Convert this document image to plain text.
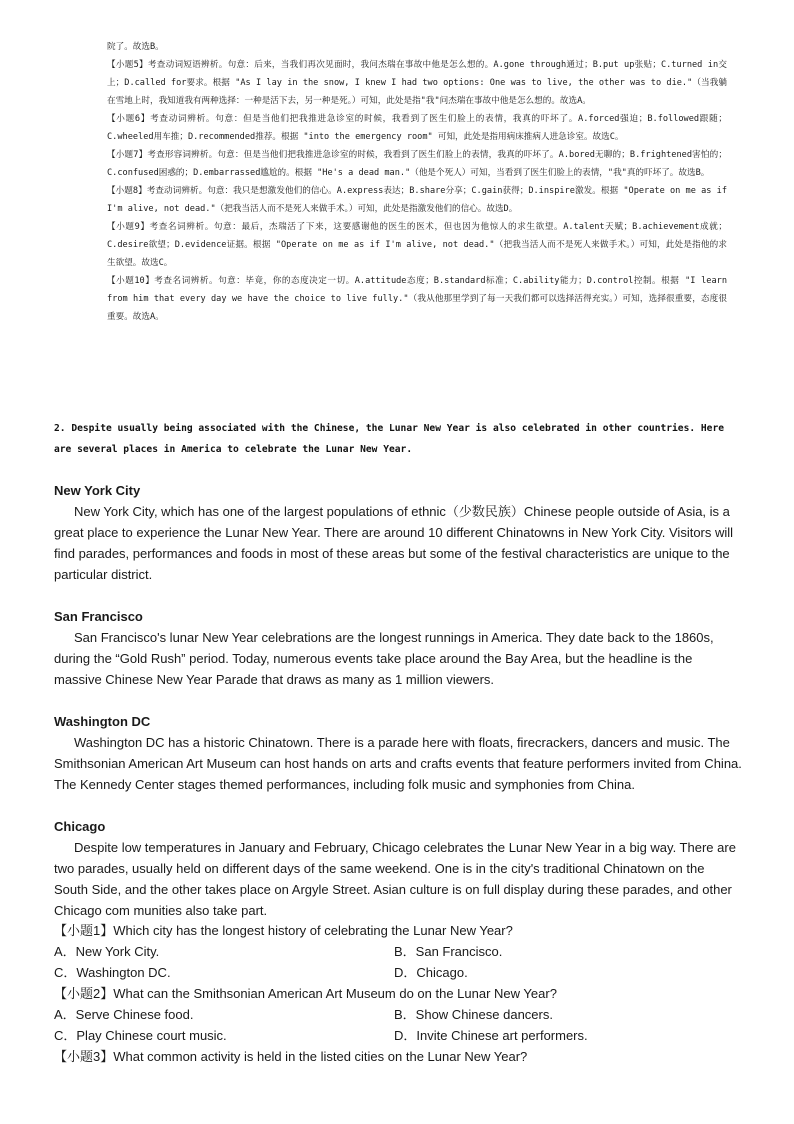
院了。故选B。

【小题5】考查动词短语辨析。句意：后来，当我们再次见面时，我问杰瑞在事故中他是怎么想的。A.gone through通过；B.put up张贴；C.turned in交上；D.called for要求。根据 "As I lay in the snow, I knew I had two options: One was to live, the other was to die."（当我躺在雪地上时，我知道我有两种选择：一种是活下去，另一种是死。）可知，此处是指"我"问杰瑞在事故中他是怎么想的。故选A。

【小题6】考查动词辨析。句意：但是当他们把我推进急诊室的时候，我看到了医生们脸上的表情，我真的吓坏了。A.forced强迫；B.followed跟随；C.wheeled用车推；D.recommended推荐。根据 "into the emergency room" 可知，此处是指用病床推病人进急诊室。故选C。

【小题7】考查形容词辨析。句意：但是当他们把我推进急诊室的时候，我看到了医生们脸上的表情，我真的吓坏了。A.bored无聊的；B.frightened害怕的；C.confused困惑的；D.embarrassed尴尬的。根据 "He's a dead man."（他是个死人）可知，当看到了医生们脸上的表情，"我"真的吓坏了。故选B。

【小题8】考查动词辨析。句意：我只是想激发他们的信心。A.express表达；B.share分享；C.gain获得；D.inspire激发。根据 "Operate on me as if I'm alive, not dead."（把我当活人而不是死人来做手术。）可知，此处是指激发他们的信心。故选D。

【小题9】考查名词辨析。句意：最后，杰瑞活了下来，这要感谢他的医生的医术，但也因为他惊人的求生欲望。A.talent天赋；B.achievement成就；C.desire欲望；D.evidence证据。根据 "Operate on me as if I'm alive, not dead."（把我当活人而不是死人来做手术。）可知，此处是指他的求生欲望。故选C。

【小题10】考查名词辨析。句意：毕竟，你的态度决定一切。A.attitude态度；B.standard标准；C.ability能力；D.control控制。根据 "I learn from him that every day we have the choice to live fully."（我从他那里学到了每一天我们都可以选择活得充实。）可知，选择很重要，态度很重要。故选A。

2. Despite usually being associated with the Chinese, the Lunar New Year is also celebrated in other countries. Here are several places in America to celebrate the Lunar New Year.

New York City

New York City, which has one of the largest populations of ethnic（少数民族）Chinese people outside of Asia, is a great place to experience the Lunar New Year. There are around 10 different Chinatowns in New York City. Visitors will find parades, performances and foods in most of these areas but some of the festival characteristics are unique to the particular district.

San Francisco

San Francisco's lunar New Year celebrations are the longest runnings in America. They date back to the 1860s, during the “Gold Rush” period. Today, numerous events take place around the Bay Area, but the headline is the massive Chinese New Year Parade that draws as many as 1 million viewers.

Washington DC

Washington DC has a historic Chinatown. There is a parade here with floats, firecrackers, dancers and music. The Smithsonian American Art Museum can host hands on arts and crafts events that feature performers invited from China. The Kennedy Center stages themed performances, including folk music and symphonies from China.

Chicago

Despite low temperatures in January and February, Chicago celebrates the Lunar New Year in a big way. There are two parades, usually held on different days of the same weekend. One is in the city's traditional Chinatown on the South Side, and the other takes place on Argyle Street. Asian culture is on full display during these parades, and other Chicago com munities also take part.

【小题1】Which city has the longest history of celebrating the Lunar New Year?

A．New York City.	B．San Francisco.
C．Washington DC.	D．Chicago.

【小题2】What can the Smithsonian American Art Museum do on the Lunar New Year?

A．Serve Chinese food.	B．Show Chinese dancers.
C．Play Chinese court music.	D．Invite Chinese art performers.

【小题3】What common activity is held in the listed cities on the Lunar New Year?
